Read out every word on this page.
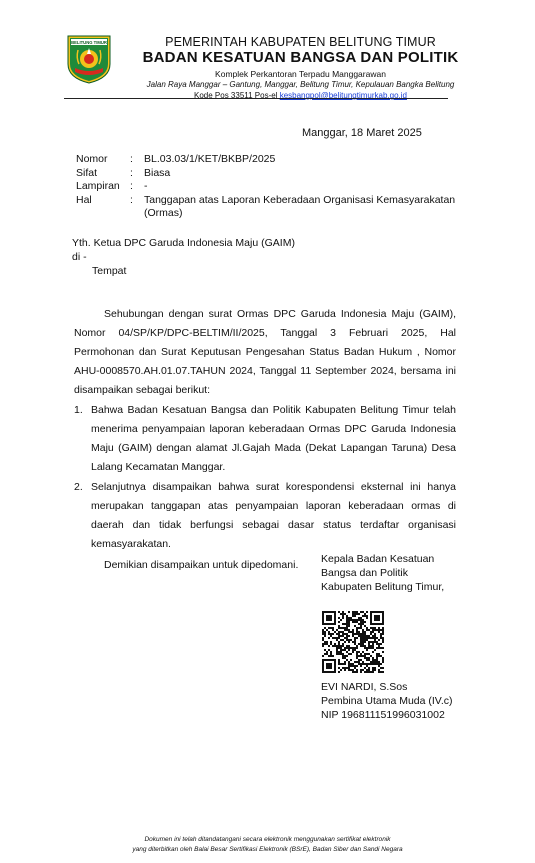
BELITUNG TIMUR	PEMERINTAH KABUPATEN BELITUNG TIMUR
BADAN KESATUAN BANGSA DAN POLITIK
Komplek Perkantoran Terpadu Manggarawan
Jalan Raya Manggar – Gantung, Manggar, Belitung Timur, Kepulauan Bangka Belitung
Kode Pos 33511 Pos-el kesbangpol@belitungtimurkab.go.id
Manggar, 18 Maret 2025
Nomor	:	BL.03.03/1/KET/BKBP/2025
Sifat	:	Biasa
Lampiran	:	-
Hal	:	Tanggapan atas Laporan Keberadaan Organisasi Kemasyarakatan (Ormas)
Yth. Ketua DPC Garuda Indonesia Maju (GAIM)
di -
Tempat

Sehubungan dengan surat Ormas DPC Garuda Indonesia Maju (GAIM), Nomor 04/SP/KP/DPC-BELTIM/II/2025, Tanggal 3 Februari 2025, Hal Permohonan dan Surat Keputusan Pengesahan Status Badan Hukum , Nomor AHU-0008570.AH.01.07.TAHUN 2024, Tanggal 11 September 2024, bersama ini disampaikan sebagai berikut:

1. Bahwa Badan Kesatuan Bangsa dan Politik Kabupaten Belitung Timur telah menerima penyampaian laporan keberadaan Ormas DPC Garuda Indonesia Maju (GAIM) dengan alamat Jl.Gajah Mada (Dekat Lapangan Taruna) Desa Lalang Kecamatan Manggar.
2. Selanjutnya disampaikan bahwa surat korespondensi eksternal ini hanya merupakan tanggapan atas penyampaian laporan keberadaan ormas di daerah dan tidak berfungsi sebagai dasar status terdaftar organisasi kemasyarakatan.

Demikian disampaikan untuk dipedomani.	Kepala Badan Kesatuan
Bangsa dan Politik
Kabupaten Belitung Timur,
EVI NARDI, S.Sos
Pembina Utama Muda (IV.c)
NIP 196811151996031002
Dokumen ini telah ditandatangani secara elektronik menggunakan sertifikat elektronik
yang diterbitkan oleh Balai Besar Sertifikasi Elektronik (BSrE), Badan Siber dan Sandi Negara
